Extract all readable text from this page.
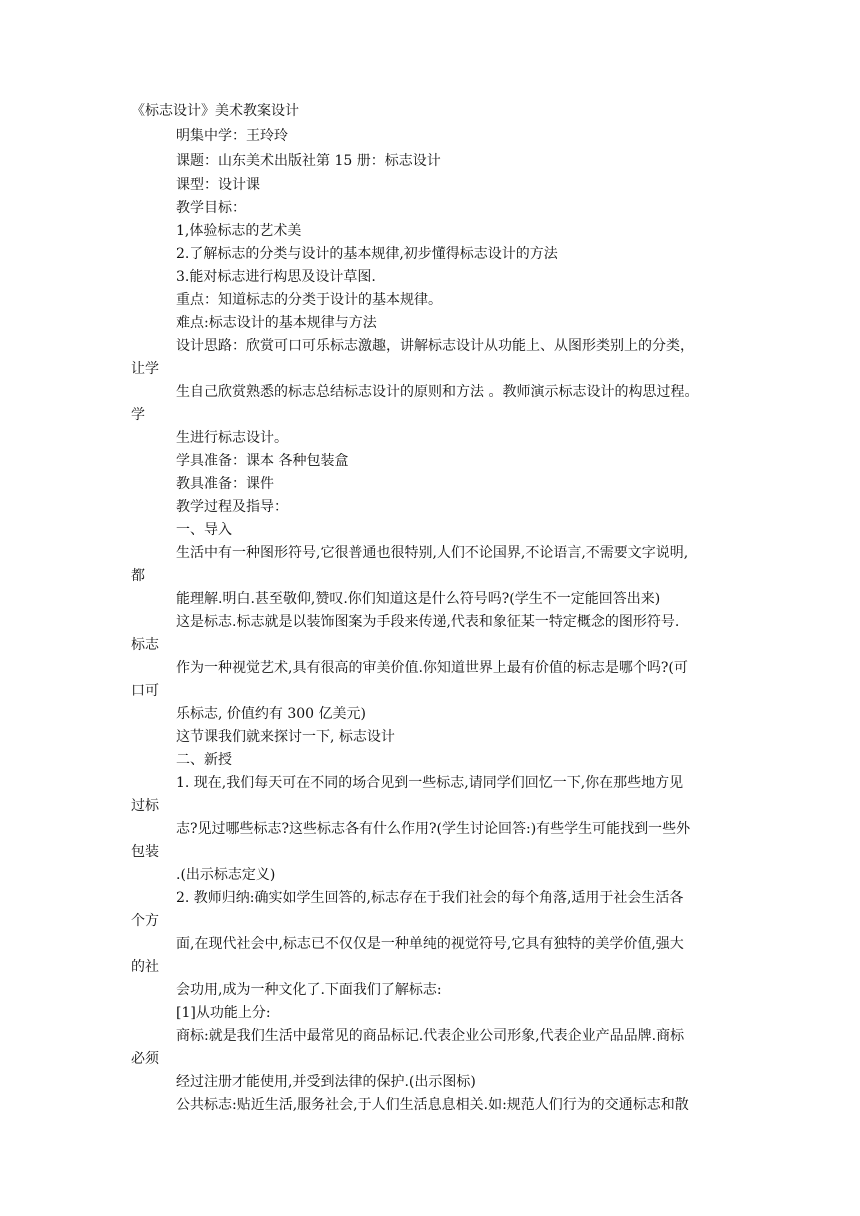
《标志设计》美术教案设计
明集中学：王玲玲
课题：山东美术出版社第 15 册：标志设计
课型：设计课
教学目标：
1,体验标志的艺术美
2.了解标志的分类与设计的基本规律,初步懂得标志设计的方法
3.能对标志进行构思及设计草图.
重点：知道标志的分类于设计的基本规律。
难点:标志设计的基本规律与方法
设计思路：欣赏可口可乐标志激趣，讲解标志设计从功能上、从图形类别上的分类，
让学
生自己欣赏熟悉的标志总结标志设计的原则和方法 。教师演示标志设计的构思过程。
学
生进行标志设计。
学具准备：课本 各种包装盒
教具准备：课件
教学过程及指导：
一、导入
生活中有一种图形符号,它很普通也很特别,人们不论国界,不论语言,不需要文字说明,
都
能理解.明白.甚至敬仰,赞叹.你们知道这是什么符号吗?(学生不一定能回答出来)
这是标志.标志就是以装饰图案为手段来传递,代表和象征某一特定概念的图形符号.
标志
作为一种视觉艺术,具有很高的审美价值.你知道世界上最有价值的标志是哪个吗?(可
口可
乐标志, 价值约有 300 亿美元)
这节课我们就来探讨一下, 标志设计
二、新授
1. 现在,我们每天可在不同的场合见到一些标志,请同学们回忆一下,你在那些地方见
过标
志?见过哪些标志?这些标志各有什么作用?(学生讨论回答:)有些学生可能找到一些外
包装
.(出示标志定义)
2. 教师归纳:确实如学生回答的,标志存在于我们社会的每个角落,适用于社会生活各
个方
面,在现代社会中,标志已不仅仅是一种单纯的视觉符号,它具有独特的美学价值,强大
的社
会功用,成为一种文化了.下面我们了解标志:
[1]从功能上分:
商标:就是我们生活中最常见的商品标记.代表企业公司形象,代表企业产品品牌.商标
必须
经过注册才能使用,并受到法律的保护.(出示图标)
公共标志:贴近生活,服务社会,于人们生活息息相关.如:规范人们行为的交通标志和散
